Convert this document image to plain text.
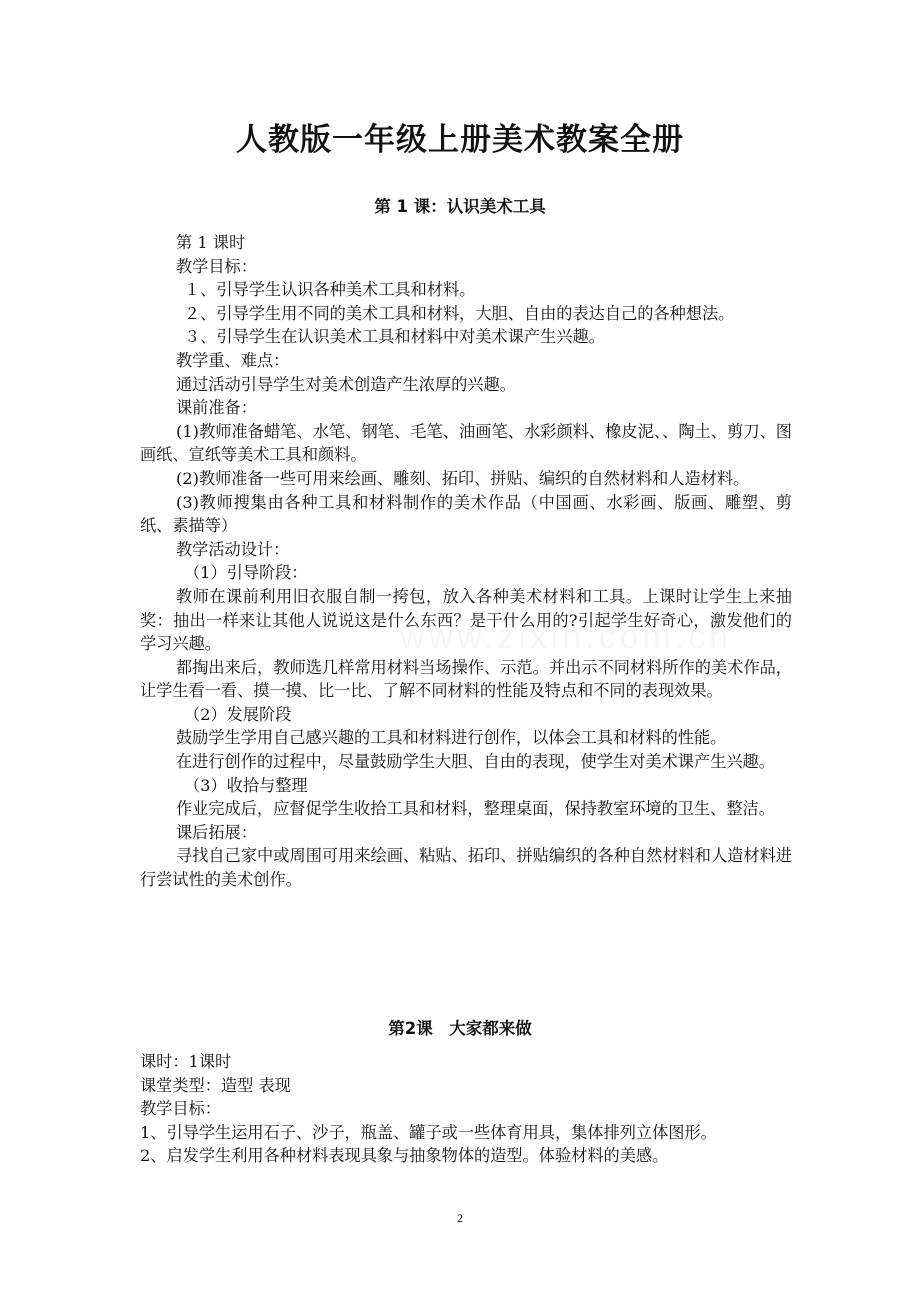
人教版一年级上册美术教案全册
第 1 课：认识美术工具
第 1 课时
教学目标：
１、引导学生认识各种美术工具和材料。
２、引导学生用不同的美术工具和材料，大胆、自由的表达自己的各种想法。
３、引导学生在认识美术工具和材料中对美术课产生兴趣。
教学重、难点：
通过活动引导学生对美术创造产生浓厚的兴趣。
课前准备：
(1)教师准备蜡笔、水笔、钢笔、毛笔、油画笔、水彩颜料、橡皮泥、、陶土、剪刀、图画纸、宣纸等美术工具和颜料。
(2)教师准备一些可用来绘画、雕刻、拓印、拼贴、编织的自然材料和人造材料。
(3)教师搜集由各种工具和材料制作的美术作品（中国画、水彩画、版画、雕塑、剪纸、素描等）
教学活动设计：
（1）引导阶段：
教师在课前利用旧衣服自制一挎包，放入各种美术材料和工具。上课时让学生上来抽奖：抽出一样来让其他人说说这是什么东西？是干什么用的?引起学生好奇心，激发他们的学习兴趣。
都掏出来后，教师选几样常用材料当场操作、示范。并出示不同材料所作的美术作品，让学生看一看、摸一摸、比一比、了解不同材料的性能及特点和不同的表现效果。
（2）发展阶段
鼓励学生学用自己感兴趣的工具和材料进行创作，以体会工具和材料的性能。
在进行创作的过程中，尽量鼓励学生大胆、自由的表现，使学生对美术课产生兴趣。
（3）收拾与整理
作业完成后，应督促学生收拾工具和材料，整理桌面，保持教室环境的卫生、整洁。
课后拓展：
寻找自己家中或周围可用来绘画、粘贴、拓印、拼贴编织的各种自然材料和人造材料进行尝试性的美术创作。
第2课　大家都来做
课时：1课时
课堂类型：造型 表现
教学目标：
1、引导学生运用石子、沙子，瓶盖、罐子或一些体育用具，集体排列立体图形。
2、启发学生利用各种材料表现具象与抽象物体的造型。体验材料的美感。
2
